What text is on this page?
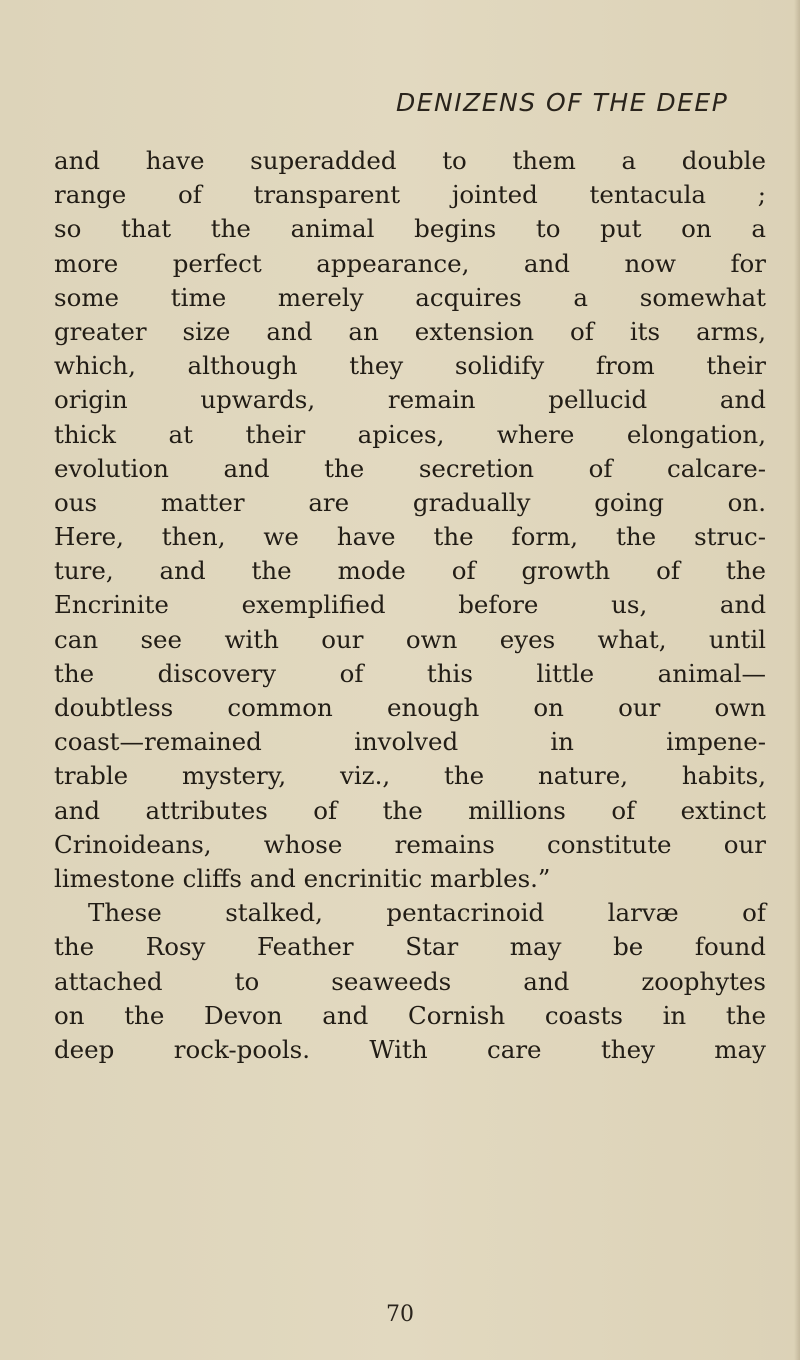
DENIZENS OF THE DEEP
and have superadded to them a double
range of transparent jointed tentacula ;
so that the animal begins to put on a
more perfect appearance, and now for
some time merely acquires a somewhat
greater size and an extension of its arms,
which, although they solidify from their
origin upwards, remain pellucid and
thick at their apices, where elongation,
evolution and the secretion of calcare-
ous matter are gradually going on.
Here, then, we have the form, the struc-
ture, and the mode of growth of the
Encrinite exemplified before us, and
can see with our own eyes what, until
the discovery of this little animal—
doubtless common enough on our own
coast—remained involved in impene-
trable mystery, viz., the nature, habits,
and attributes of the millions of extinct
Crinoideans, whose remains constitute our
limestone cliffs and encrinitic marbles.”
These stalked, pentacrinoid larvæ of
the Rosy Feather Star may be found
attached to seaweeds and zoophytes
on the Devon and Cornish coasts in the
deep rock-pools. With care they may
70
